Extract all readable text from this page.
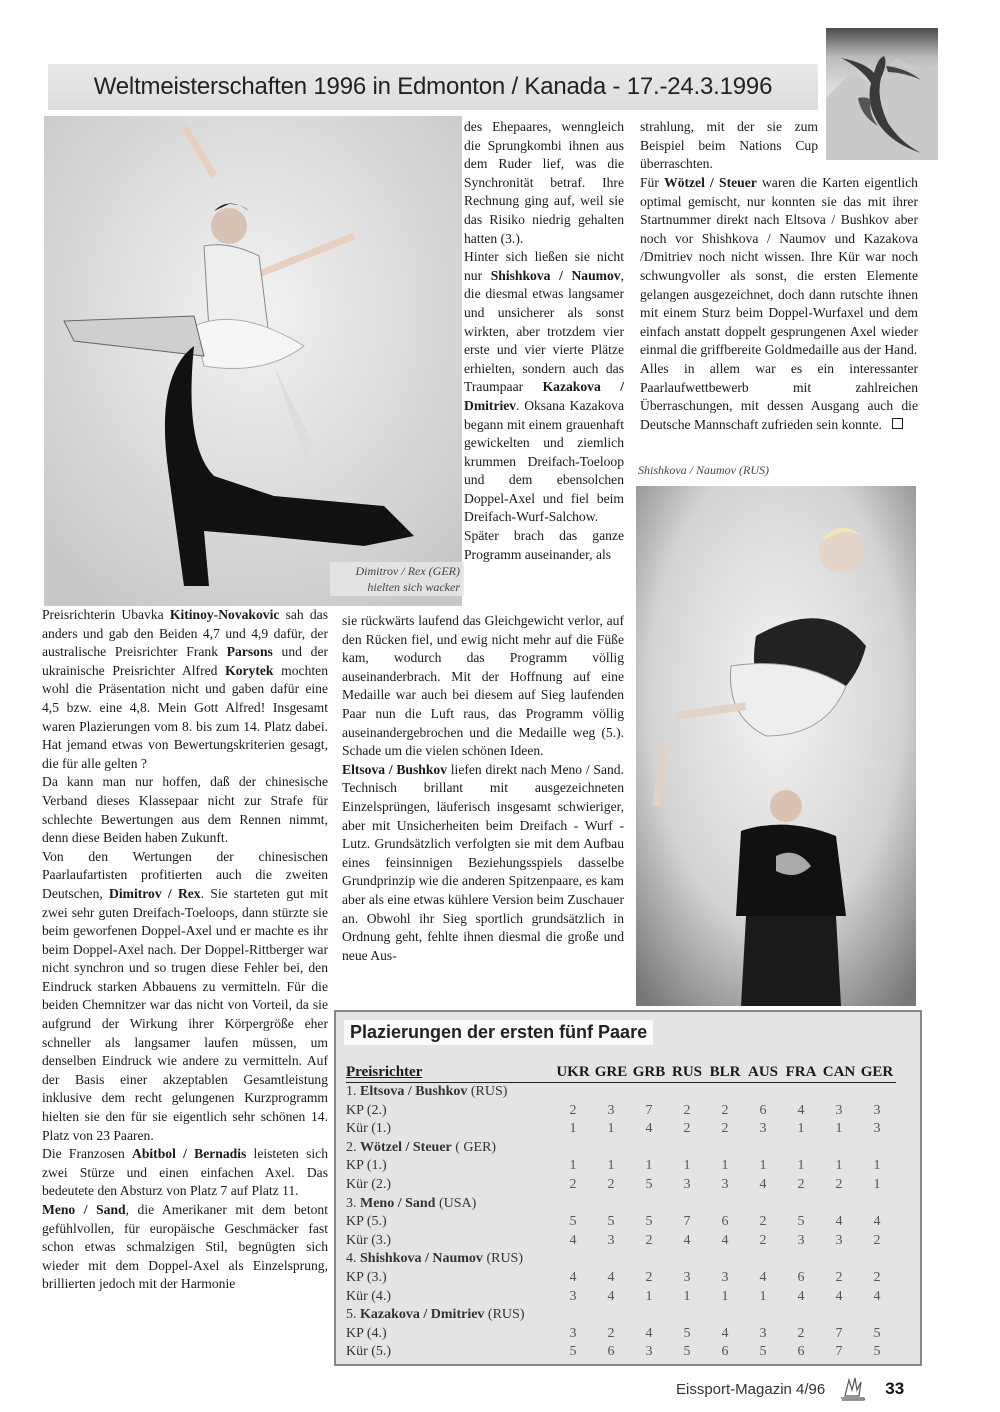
Weltmeisterschaften 1996 in Edmonton / Kanada - 17.-24.3.1996
Dimitrov / Rex (GER)
hielten sich wacker

des Ehepaares, wenngleich die Sprungkombi ihnen aus dem Ruder lief, was die Synchronität betraf. Ihre Rechnung ging auf, weil sie das Risiko niedrig gehalten hatten (3.).

Hinter sich ließen sie nicht nur Shishkova / Naumov, die diesmal etwas langsamer und unsicherer als sonst wirkten, aber trotzdem vier erste und vier vierte Plätze erhielten, sondern auch das Traumpaar Kazakova / Dmitriev. Oksana Kazakova begann mit einem grauenhaft gewickelten und ziemlich krummen Dreifach-Toeloop und dem ebensolchen Doppel-Axel und fiel beim Dreifach-Wurf-Salchow. Später brach das ganze Programm auseinander, als

sie rückwärts laufend das Gleichgewicht verlor, auf den Rücken fiel, und ewig nicht mehr auf die Füße kam, wodurch das Programm völlig auseinanderbrach. Mit der Hoffnung auf eine Medaille war auch bei diesem auf Sieg laufenden Paar nun die Luft raus, das Programm völlig auseinandergebrochen und die Medaille weg (5.). Schade um die vielen schönen Ideen.

Eltsova / Bushkov liefen direkt nach Meno / Sand. Technisch brillant mit ausgezeichneten Einzelsprüngen, läuferisch insgesamt schwieriger, aber mit Unsicherheiten beim Dreifach - Wurf - Lutz. Grundsätzlich verfolgten sie mit dem Aufbau eines feinsinnigen Beziehungsspiels dasselbe Grundprinzip wie die anderen Spitzenpaare, es kam aber als eine etwas kühlere Version beim Zuschauer an. Obwohl ihr Sieg sportlich grundsätzlich in Ordnung geht, fehlte ihnen diesmal die große und neue Aus-

strahlung, mit der sie zum Beispiel beim Nations Cup überraschten.

Für Wötzel / Steuer waren die Karten eigentlich optimal gemischt, nur konnten sie das mit ihrer Startnummer direkt nach Eltsova / Bushkov aber noch vor Shishkova / Naumov und Kazakova /Dmitriev noch nicht wissen. Ihre Kür war noch schwungvoller als sonst, die ersten Elemente gelangen ausgezeichnet, doch dann rutschte ihnen mit einem Sturz beim Doppel-Wurfaxel und dem einfach anstatt doppelt gesprungenen Axel wieder einmal die griffbereite Goldmedaille aus der Hand.

Alles in allem war es ein interessanter Paarlaufwettbewerb mit zahlreichen Überraschungen, mit dessen Ausgang auch die Deutsche Mannschaft zufrieden sein konnte.

Shishkova / Naumov (RUS)

Preisrichterin Ubavka Kitinoy-Novakovic sah das anders und gab den Beiden 4,7 und 4,9 dafür, der australische Preisrichter Frank Parsons und der ukrainische Preisrichter Alfred Korytek mochten wohl die Präsentation nicht und gaben dafür eine 4,5 bzw. eine 4,8. Mein Gott Alfred! Insgesamt waren Plazierungen vom 8. bis zum 14. Platz dabei. Hat jemand etwas von Bewertungskriterien gesagt, die für alle gelten ?

Da kann man nur hoffen, daß der chinesische Verband dieses Klassepaar nicht zur Strafe für schlechte Bewertungen aus dem Rennen nimmt, denn diese Beiden haben Zukunft.

Von den Wertungen der chinesischen Paarlaufartisten profitierten auch die zweiten Deutschen, Dimitrov / Rex. Sie starteten gut mit zwei sehr guten Dreifach-Toeloops, dann stürzte sie beim geworfenen Doppel-Axel und er machte es ihr beim Doppel-Axel nach. Der Doppel-Rittberger war nicht synchron und so trugen diese Fehler bei, den Eindruck starken Abbauens zu vermitteln. Für die beiden Chemnitzer war das nicht von Vorteil, da sie aufgrund der Wirkung ihrer Körpergröße eher schneller als langsamer laufen müssen, um denselben Eindruck wie andere zu vermitteln. Auf der Basis einer akzeptablen Gesamtleistung inklusive dem recht gelungenen Kurzprogramm hielten sie den für sie eigentlich sehr schönen 14. Platz von 23 Paaren.

Die Franzosen Abitbol / Bernadis leisteten sich zwei Stürze und einen einfachen Axel. Das bedeutete den Absturz von Platz 7 auf Platz 11.

Meno / Sand, die Amerikaner mit dem betont gefühlvollen, für europäische Geschmäcker fast schon etwas schmalzigen Stil, begnügten sich wieder mit dem Doppel-Axel als Einzelsprung, brillierten jedoch mit der Harmonie

Plazierungen der ersten fünf Paare
Preisrichter	UKR	GRE	GRB	RUS	BLR	AUS	FRA	CAN	GER
1. Eltsova / Bushkov (RUS)									
KP (2.)	2	3	7	2	2	6	4	3	3
Kür (1.)	1	1	4	2	2	3	1	1	3
2. Wötzel / Steuer ( GER)									
KP (1.)	1	1	1	1	1	1	1	1	1
Kür (2.)	2	2	5	3	3	4	2	2	1
3. Meno / Sand (USA)									
KP (5.)	5	5	5	7	6	2	5	4	4
Kür (3.)	4	3	2	4	4	2	3	3	2
4. Shishkova / Naumov (RUS)									
KP (3.)	4	4	2	3	3	4	6	2	2
Kür (4.)	3	4	1	1	1	1	4	4	4
5. Kazakova / Dmitriev (RUS)									
KP (4.)	3	2	4	5	4	3	2	7	5
Kür (5.)	5	6	3	5	6	5	6	7	5
Eissport-Magazin 4/96	33
